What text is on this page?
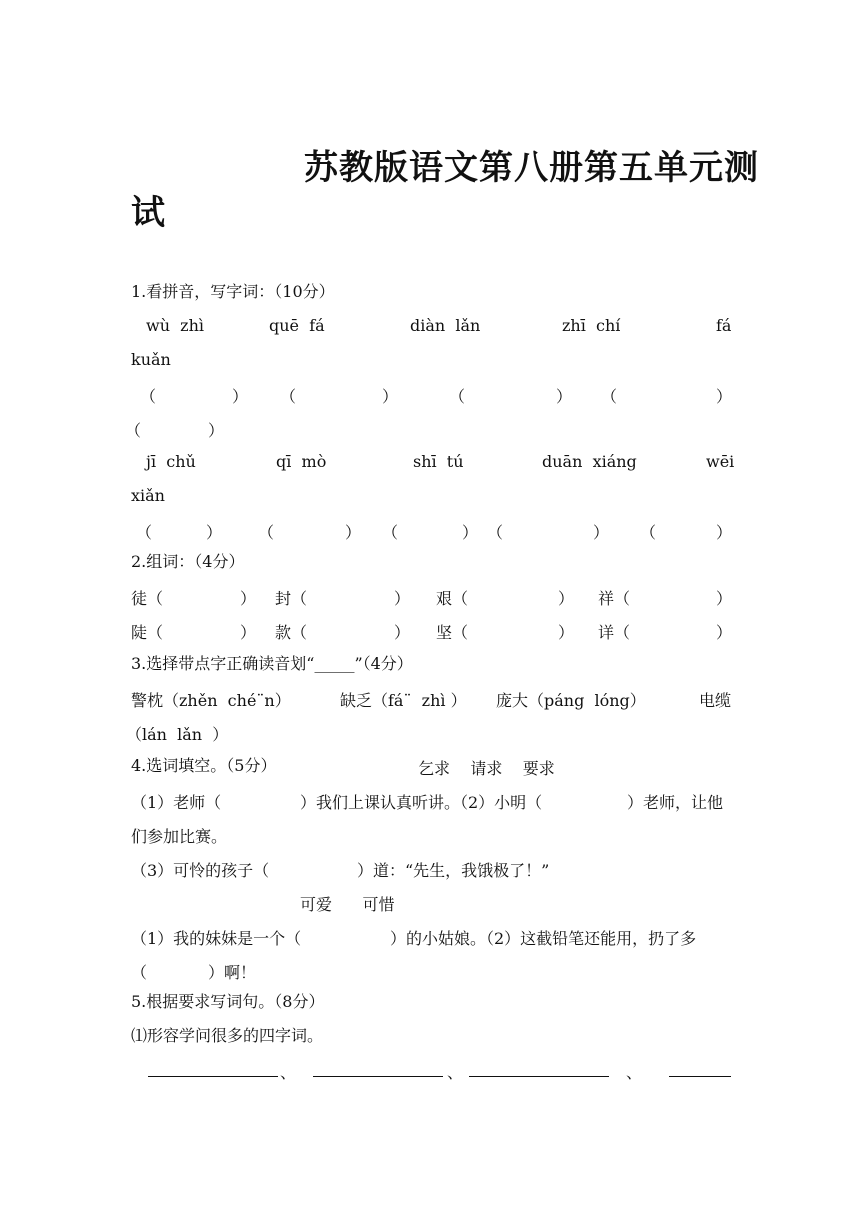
苏教版语文第八册第五单元测
试
1.看拼音，写字词：（10分）
wù  zhì	quē  fá	diàn  lǎn	zhī  chí	fá
kuǎn
（	） （	）	（	） （	）
（	）
jī  chǔ	qī  mò	shī  tú	duān  xiáng	wēi
xiǎn
（	） （	） （	） （	） （	）
2.组词：（4分）
徒 （	） 封 （	） 艰 （	） 祥 （	）
陡 （	） 款 （	） 坚 （	） 详 （	）
3.选择带点字正确读音划“_____”（4分）
警枕（zhěn  ché¨n）	缺乏（fá¨  zhì ） 庞大（páng  lóng）	电缆
（lán  lǎn  ）
4.选词填空。（5分）	乞求    请求    要求
（1）老师（	）我们上课认真听讲。（2）小明（	）老师，让他
们参加比赛。
（3）可怜的孩子（	）道：“先生，我饿极了！”
可爱      可惜
（1）我的妹妹是一个（	）的小姑娘。（2）这截铅笔还能用，扔了多
（	）啊！
5.根据要求写词句。（8分）
⑴形容学问很多的四字词。
、	、	、
